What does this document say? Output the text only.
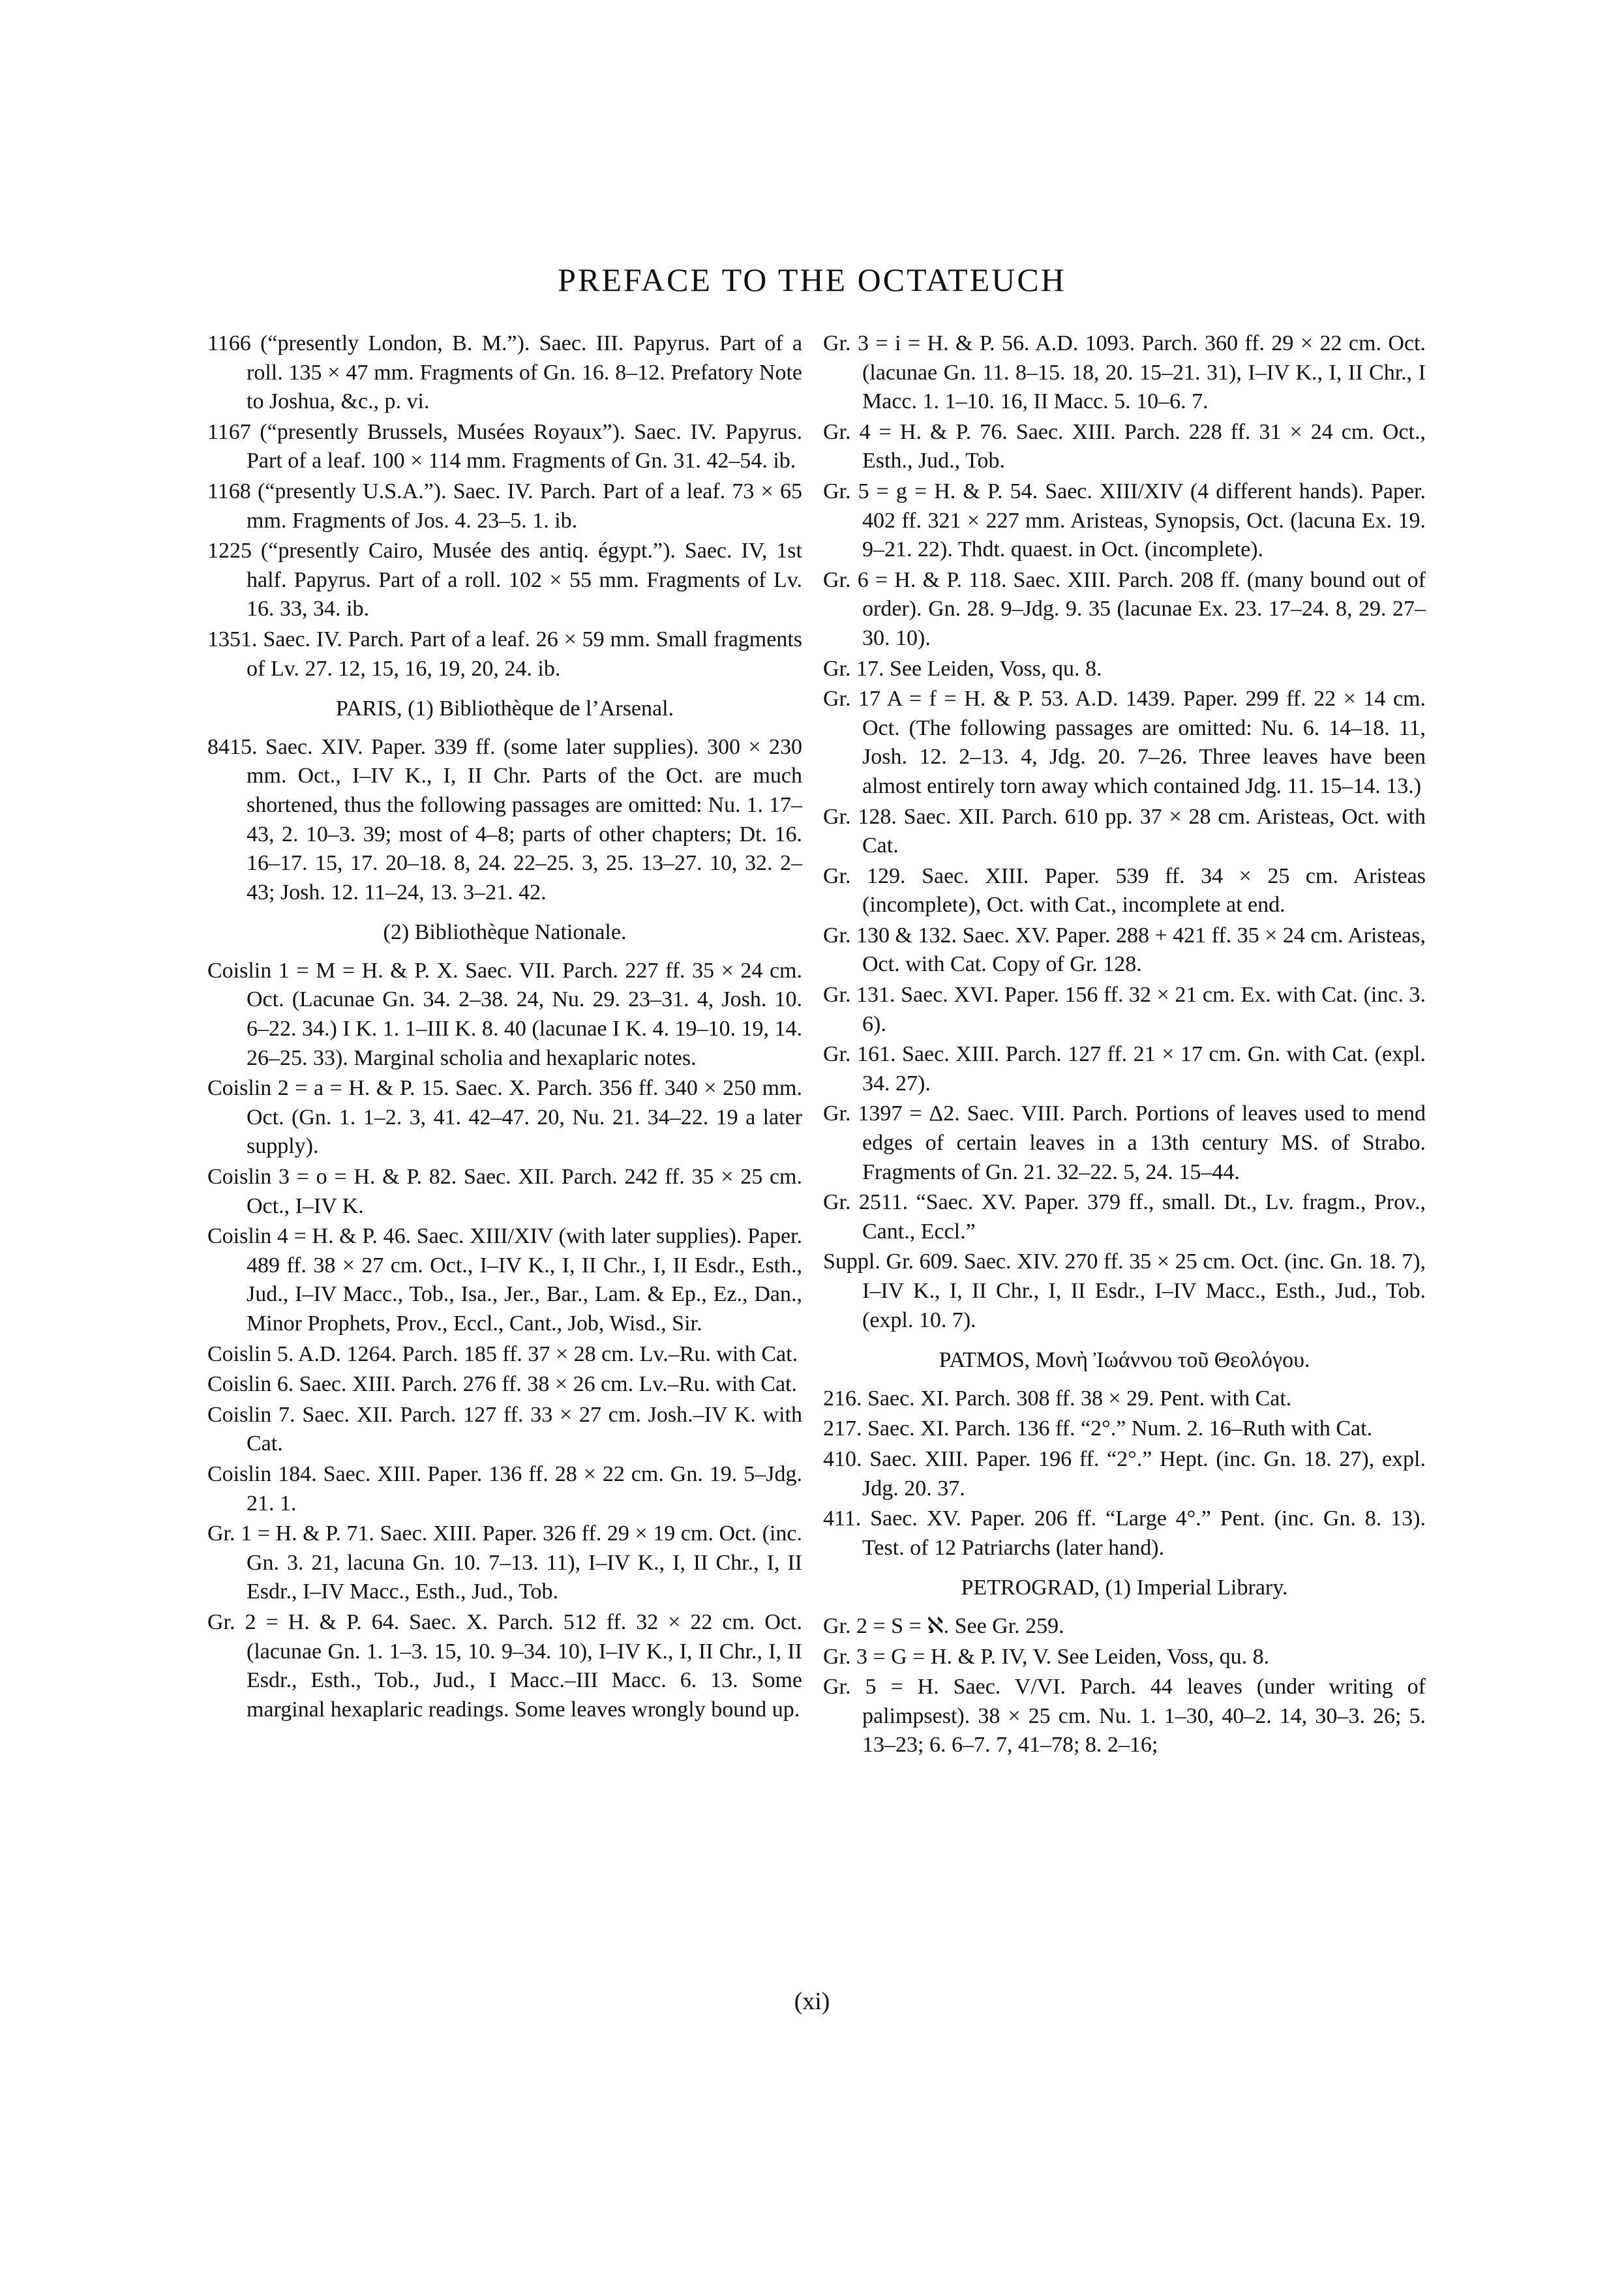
PREFACE TO THE OCTATEUCH
1166 (“presently London, B. M.”). Saec. III. Papyrus. Part of a roll. 135 × 47 mm. Fragments of Gn. 16. 8–12. Prefatory Note to Joshua, &c., p. vi.
1167 (“presently Brussels, Musées Royaux”). Saec. IV. Papyrus. Part of a leaf. 100 × 114 mm. Fragments of Gn. 31. 42–54. ib.
1168 (“presently U.S.A.”). Saec. IV. Parch. Part of a leaf. 73 × 65 mm. Fragments of Jos. 4. 23–5. 1. ib.
1225 (“presently Cairo, Musée des antiq. égypt.”). Saec. IV, 1st half. Papyrus. Part of a roll. 102 × 55 mm. Fragments of Lv. 16. 33, 34. ib.
1351. Saec. IV. Parch. Part of a leaf. 26 × 59 mm. Small fragments of Lv. 27. 12, 15, 16, 19, 20, 24. ib.
PARIS, (1) Bibliothèque de l’Arsenal.
8415. Saec. XIV. Paper. 339 ff. (some later supplies). 300 × 230 mm. Oct., I–IV K., I, II Chr. Parts of the Oct. are much shortened, thus the following passages are omitted: Nu. 1. 17–43, 2. 10–3. 39; most of 4–8; parts of other chapters; Dt. 16. 16–17. 15, 17. 20–18. 8, 24. 22–25. 3, 25. 13–27. 10, 32. 2–43; Josh. 12. 11–24, 13. 3–21. 42.
(2) Bibliothèque Nationale.
Coislin 1 = M = H. & P. X. Saec. VII. Parch. 227 ff. 35 × 24 cm. Oct. (Lacunae Gn. 34. 2–38. 24, Nu. 29. 23–31. 4, Josh. 10. 6–22. 34.) I K. 1. 1–III K. 8. 40 (lacunae I K. 4. 19–10. 19, 14. 26–25. 33). Marginal scholia and hexaplaric notes.
Coislin 2 = a = H. & P. 15. Saec. X. Parch. 356 ff. 340 × 250 mm. Oct. (Gn. 1. 1–2. 3, 41. 42–47. 20, Nu. 21. 34–22. 19 a later supply).
Coislin 3 = o = H. & P. 82. Saec. XII. Parch. 242 ff. 35 × 25 cm. Oct., I–IV K.
Coislin 4 = H. & P. 46. Saec. XIII/XIV (with later supplies). Paper. 489 ff. 38 × 27 cm. Oct., I–IV K., I, II Chr., I, II Esdr., Esth., Jud., I–IV Macc., Tob., Isa., Jer., Bar., Lam. & Ep., Ez., Dan., Minor Prophets, Prov., Eccl., Cant., Job, Wisd., Sir.
Coislin 5. A.D. 1264. Parch. 185 ff. 37 × 28 cm. Lv.–Ru. with Cat.
Coislin 6. Saec. XIII. Parch. 276 ff. 38 × 26 cm. Lv.–Ru. with Cat.
Coislin 7. Saec. XII. Parch. 127 ff. 33 × 27 cm. Josh.–IV K. with Cat.
Coislin 184. Saec. XIII. Paper. 136 ff. 28 × 22 cm. Gn. 19. 5–Jdg. 21. 1.
Gr. 1 = H. & P. 71. Saec. XIII. Paper. 326 ff. 29 × 19 cm. Oct. (inc. Gn. 3. 21, lacuna Gn. 10. 7–13. 11), I–IV K., I, II Chr., I, II Esdr., I–IV Macc., Esth., Jud., Tob.
Gr. 2 = H. & P. 64. Saec. X. Parch. 512 ff. 32 × 22 cm. Oct. (lacunae Gn. 1. 1–3. 15, 10. 9–34. 10), I–IV K., I, II Chr., I, II Esdr., Esth., Tob., Jud., I Macc.–III Macc. 6. 13. Some marginal hexaplaric readings. Some leaves wrongly bound up.
Gr. 3 = i = H. & P. 56. A.D. 1093. Parch. 360 ff. 29 × 22 cm. Oct. (lacunae Gn. 11. 8–15. 18, 20. 15–21. 31), I–IV K., I, II Chr., I Macc. 1. 1–10. 16, II Macc. 5. 10–6. 7.
Gr. 4 = H. & P. 76. Saec. XIII. Parch. 228 ff. 31 × 24 cm. Oct., Esth., Jud., Tob.
Gr. 5 = g = H. & P. 54. Saec. XIII/XIV (4 different hands). Paper. 402 ff. 321 × 227 mm. Aristeas, Synopsis, Oct. (lacuna Ex. 19. 9–21. 22). Thdt. quaest. in Oct. (incomplete).
Gr. 6 = H. & P. 118. Saec. XIII. Parch. 208 ff. (many bound out of order). Gn. 28. 9–Jdg. 9. 35 (lacunae Ex. 23. 17–24. 8, 29. 27–30. 10).
Gr. 17. See Leiden, Voss, qu. 8.
Gr. 17 A = f = H. & P. 53. A.D. 1439. Paper. 299 ff. 22 × 14 cm. Oct. (The following passages are omitted: Nu. 6. 14–18. 11, Josh. 12. 2–13. 4, Jdg. 20. 7–26. Three leaves have been almost entirely torn away which contained Jdg. 11. 15–14. 13.)
Gr. 128. Saec. XII. Parch. 610 pp. 37 × 28 cm. Aristeas, Oct. with Cat.
Gr. 129. Saec. XIII. Paper. 539 ff. 34 × 25 cm. Aristeas (incomplete), Oct. with Cat., incomplete at end.
Gr. 130 & 132. Saec. XV. Paper. 288 + 421 ff. 35 × 24 cm. Aristeas, Oct. with Cat. Copy of Gr. 128.
Gr. 131. Saec. XVI. Paper. 156 ff. 32 × 21 cm. Ex. with Cat. (inc. 3. 6).
Gr. 161. Saec. XIII. Parch. 127 ff. 21 × 17 cm. Gn. with Cat. (expl. 34. 27).
Gr. 1397 = Δ2. Saec. VIII. Parch. Portions of leaves used to mend edges of certain leaves in a 13th century MS. of Strabo. Fragments of Gn. 21. 32–22. 5, 24. 15–44.
Gr. 2511. “Saec. XV. Paper. 379 ff., small. Dt., Lv. fragm., Prov., Cant., Eccl.”
Suppl. Gr. 609. Saec. XIV. 270 ff. 35 × 25 cm. Oct. (inc. Gn. 18. 7), I–IV K., I, II Chr., I, II Esdr., I–IV Macc., Esth., Jud., Tob. (expl. 10. 7).
PATMOS, Μονὴ Ἰωάννου τοῦ Θεολόγου.
216. Saec. XI. Parch. 308 ff. 38 × 29. Pent. with Cat.
217. Saec. XI. Parch. 136 ff. “2°.” Num. 2. 16–Ruth with Cat.
410. Saec. XIII. Paper. 196 ff. “2°.” Hept. (inc. Gn. 18. 27), expl. Jdg. 20. 37.
411. Saec. XV. Paper. 206 ff. “Large 4°.” Pent. (inc. Gn. 8. 13). Test. of 12 Patriarchs (later hand).
PETROGRAD, (1) Imperial Library.
Gr. 2 = S = ℵ. See Gr. 259.
Gr. 3 = G = H. & P. IV, V. See Leiden, Voss, qu. 8.
Gr. 5 = H. Saec. V/VI. Parch. 44 leaves (under writing of palimpsest). 38 × 25 cm. Nu. 1. 1–30, 40–2. 14, 30–3. 26; 5. 13–23; 6. 6–7. 7, 41–78; 8. 2–16;
(xi)
